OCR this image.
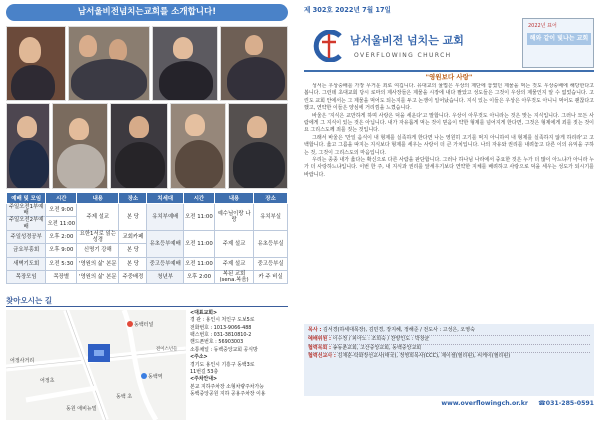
남서울비전넘치는교회를 소개합니다!
예배 및 모임	시간	내용	장소	치세대	시간	내용	장소
주일오전1부예배	오전 9:00	주제 설교	본 당	유치부예배	오전 11:00	예수님이랑 나랑	유치부실
주일오전2부예배	오전 11:00						
주일성경공부	오후 2:00	요한1서로 읽는 성경	교회카페	유초등부예배	오전 11:00	주제 설교	유초등부실
금요부흥회	오후 9:00	신명기 강해	본 당				
새벽기도회	오전 5:30	'영원의 삶' 본문	본 당	중고등부예배	오전 11:00	주제 설교	중고등부실
목장모임	목장별	'영원의 삶' 본문	주중배정	청년부	오후 2:00	복된 교회 (sena.복음)	카 주 비실
찾아오시는 길
동백터널
어정사거리
어정초
동백역
동백 초
전이스넌들
동원 애비뉴빌
<대표교회>
경 관 : 용인시 처인구 도보5로
전화번호 : 1013-9066-488
팩스번호 : 031-3810810-2
핸드폰번호 : 56903003
소통채널 : 동백중앙교회 공식방
<주소>
경기도 용인시 기흥구 동백3로
11번길 53층
<주차안내>
본교 지하주차장 소형차량주차가능
동백중앙공원 지하 공용주차장 이용
제 302호 2022년 7월 17일
남서울비전 넘치는 교회
OVERFLOWING CHURCH
2022년 표어
해와 같이 빛나는 교회
"영원보다 사랑"

성서는 우상숭배를 가장 무거운 죄로 여깁니다. 유대교의 율법은 우상의 제단에 놓였던 제물을 먹는 것도 우상숭배에 해당한다고 봅니다. 그런데 초대교회 당시 로마의 제사장들은 제물을 시장에 내다 팔았고 성도들은 그것이 우상의 제물인지 알 수 없었습니다. 고린도 교회 안에서는 그 제물을 먹어도 되는지를 두고 논쟁이 일어났습니다. 지식 있는 이들은 우상은 아무것도 아니니 먹어도 괜찮다고 했고, 연약한 이들은 양심에 거리낌을 느꼈습니다.

바울은 '지식은 교만하게 하며 사랑은 덕을 세운다'고 말합니다. 우상이 아무것도 아니라는 것은 맞는 지식입니다. 그러나 모든 사람에게 그 지식이 있는 것은 아닙니다. 내가 자유롭게 먹는 것이 믿음이 약한 형제를 넘어지게 한다면, 그것은 형제에게 죄를 짓는 것이요 그리스도께 죄를 짓는 것입니다.

그래서 바울은 '만일 음식이 내 형제를 실족하게 한다면 나는 영원히 고기를 먹지 아니하여 내 형제를 실족하지 않게 하리라'고 고백합니다. 옳고 그름을 따지는 지식보다 형제를 세우는 사랑이 더 큰 가치입니다. 나의 자유와 권리를 내려놓고 다른 이의 유익을 구하는 것, 그것이 그리스도의 마음입니다.

우리는 종종 내가 옳다는 확신으로 다른 사람을 판단합니다. 그러나 하나님 나라에서 중요한 것은 누가 더 많이 아느냐가 아니라 누가 더 사랑하느냐입니다. 이번 한 주, 내 지식과 권리를 앞세우기보다 연약한 지체를 배려하고 사랑으로 덕을 세우는 성도가 되시기를 바랍니다.

목사 : 김서경(하세대목장), 김민경, 장지혜, 정해준 / 전도사 : 고성은, 오영숙
예배위원 : 이수정 / 피아노 : 조희숙 / 찬양인도 : 박창균
협력목회 : 송동춘교회, 고산중앙교회, 동백중앙교회
협력선교사 : 김재훈-탁화장선교사(태국), 정영희목사(CCC), 제이셀(필리핀), 씨케이(필리핀)
www.overflowingch.or.kr ☎031-285-0591
